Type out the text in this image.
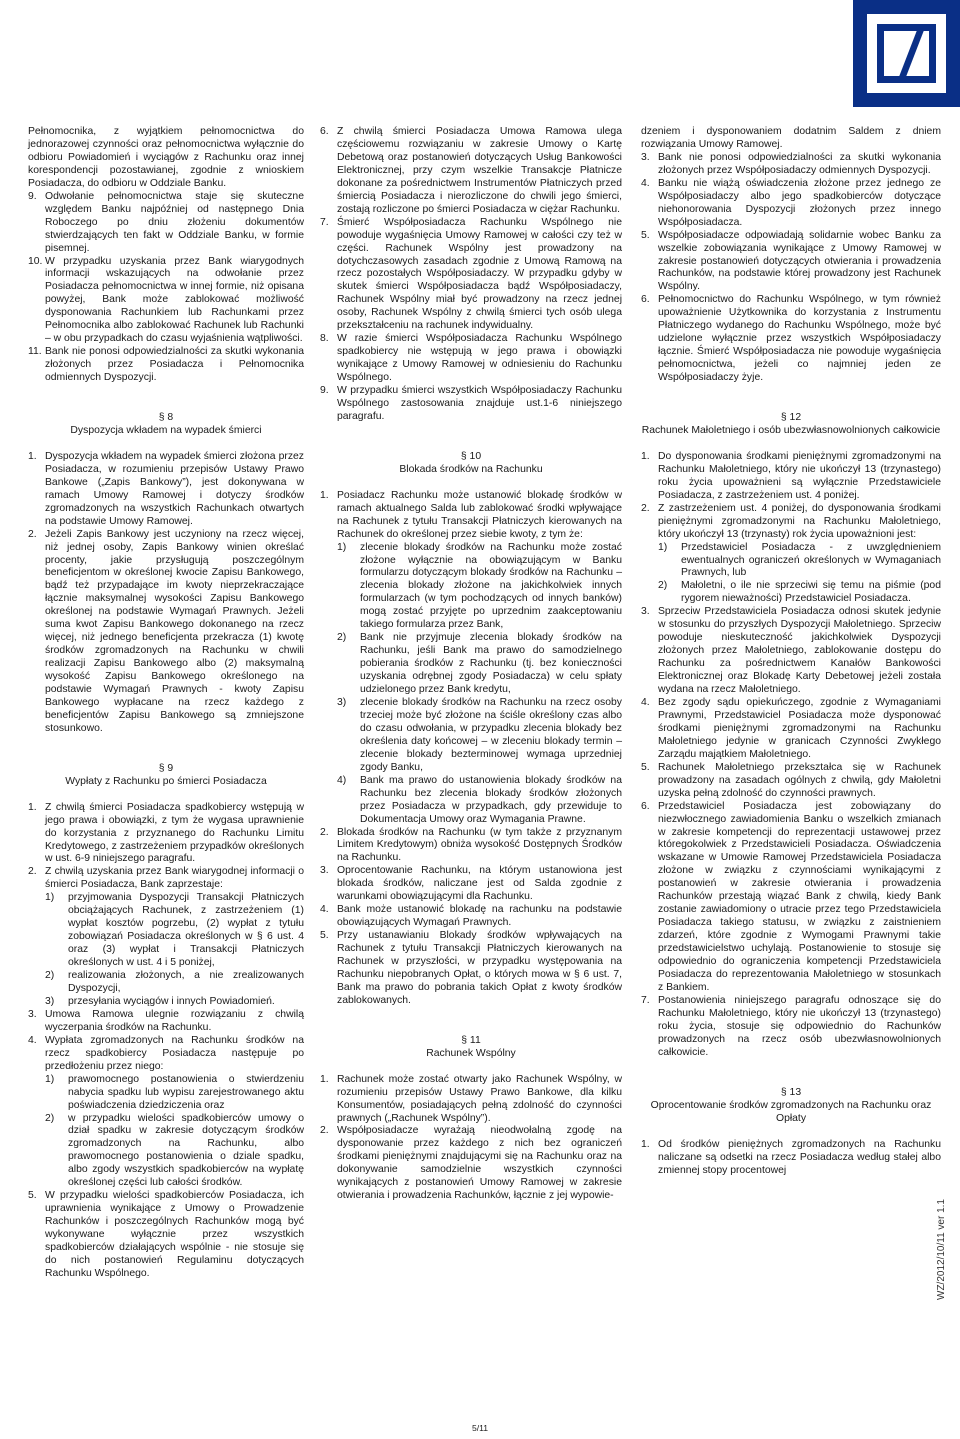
Pełnomocnika, z wyjątkiem pełnomocnictwa do jednorazowej czynności oraz pełnomocnictwa wyłącznie do odbioru Powiadomień i wyciągów z Rachunku oraz innej korespondencji pozostawianej, zgodnie z wnioskiem Posiadacza, do odbioru w Oddziale Banku.

9. Odwołanie pełnomocnictwa staje się skuteczne względem Banku najpóźniej od następnego Dnia Roboczego po dniu złożeniu dokumentów stwierdzających ten fakt w Oddziale Banku, w formie pisemnej.
10. W przypadku uzyskania przez Bank wiarygodnych informacji wskazujących na odwołanie przez Posiadacza pełnomocnictwa w innej formie, niż opisana powyżej, Bank może zablokować możliwość dysponowania Rachunkiem lub Rachunkami przez Pełnomocnika albo zablokować Rachunek lub Rachunki – w obu przypadkach do czasu wyjaśnienia wątpliwości.
11. Bank nie ponosi odpowiedzialności za skutki wykonania złożonych przez Posiadacza i Pełnomocnika odmiennych Dyspozycji.
§ 8
Dyspozycja wkładem na wypadek śmierci
1. Dyspozycja wkładem na wypadek śmierci złożona przez Posiadacza, w rozumieniu przepisów Ustawy Prawo Bankowe („Zapis Bankowy”), jest dokonywana w ramach Umowy Ramowej i dotyczy środków zgromadzonych na wszystkich Rachunkach otwartych na podstawie Umowy Ramowej.
2. Jeżeli Zapis Bankowy jest uczyniony na rzecz więcej, niż jednej osoby, Zapis Bankowy winien określać procenty, jakie przysługują poszczególnym beneficjentom w określonej kwocie Zapisu Bankowego, bądź też przypadające im kwoty nieprzekraczające łącznie maksymalnej wysokości Zapisu Bankowego określonej na podstawie Wymagań Prawnych. Jeżeli suma kwot Zapisu Bankowego dokonanego na rzecz więcej, niż jednego beneficjenta przekracza (1) kwotę środków zgromadzonych na Rachunku w chwili realizacji Zapisu Bankowego albo (2) maksymalną wysokość Zapisu Bankowego określonego na podstawie Wymagań Prawnych - kwoty Zapisu Bankowego wypłacane na rzecz każdego z beneficjentów Zapisu Bankowego są zmniejszone stosunkowo.
§ 9
Wypłaty z Rachunku po śmierci Posiadacza
1. Z chwilą śmierci Posiadacza spadkobiercy wstępują w jego prawa i obowiązki, z tym że wygasa uprawnienie do korzystania z przyznanego do Rachunku Limitu Kredytowego, z zastrzeżeniem przypadków określonych w ust. 6-9 niniejszego paragrafu.
2. Z chwilą uzyskania przez Bank wiarygodnej informacji o śmierci Posiadacza, Bank zaprzestaje:
1) przyjmowania Dyspozycji Transakcji Płatniczych obciążających Rachunek, z zastrzeżeniem (1) wypłat kosztów pogrzebu, (2) wypłat z tytułu zobowiązań Posiadacza określonych w § 6 ust. 4 oraz (3) wypłat i Transakcji Płatniczych określonych w ust. 4 i 5 poniżej,
2) realizowania złożonych, a nie zrealizowanych Dyspozycji,
3) przesyłania wyciągów i innych Powiadomień.
3. Umowa Ramowa ulegnie rozwiązaniu z chwilą wyczerpania środków na Rachunku.
4. Wypłata zgromadzonych na Rachunku środków na rzecz spadkobiercy Posiadacza następuje po przedłożeniu przez niego:
1) prawomocnego postanowienia o stwierdzeniu nabycia spadku lub wypisu zarejestrowanego aktu poświadczenia dziedziczenia oraz
2) w przypadku wielości spadkobierców umowy o dział spadku w zakresie dotyczącym środków zgromadzonych na Rachunku, albo prawomocnego postanowienia o dziale spadku, albo zgody wszystkich spadkobierców na wypłatę określonej części lub całości środków.
5. W przypadku wielości spadkobierców Posiadacza, ich uprawnienia wynikające z Umowy o Prowadzenie Rachunków i poszczególnych Rachunków mogą być wykonywane wyłącznie przez wszystkich spadkobierców działających wspólnie - nie stosuje się do nich postanowień Regulaminu dotyczących Rachunku Wspólnego.
6. Z chwilą śmierci Posiadacza Umowa Ramowa ulega częściowemu rozwiązaniu w zakresie Umowy o Kartę Debetową oraz postanowień dotyczących Usług Bankowości Elektronicznej, przy czym wszelkie Transakcje Płatnicze dokonane za pośrednictwem Instrumentów Płatniczych przed śmiercią Posiadacza i nierozliczone do chwili jego śmierci, zostają rozliczone po śmierci Posiadacza w ciężar Rachunku.
7. Śmierć Współposiadacza Rachunku Wspólnego nie powoduje wygaśnięcia Umowy Ramowej w całości czy też w części. Rachunek Wspólny jest prowadzony na dotychczasowych zasadach zgodnie z Umową Ramową na rzecz pozostałych Współposiadaczy. W przypadku gdyby w skutek śmierci Współposiadacza bądź Współposiadaczy, Rachunek Wspólny miał być prowadzony na rzecz jednej osoby, Rachunek Wspólny z chwilą śmierci tych osób ulega przekształceniu na rachunek indywidualny.
8. W razie śmierci Współposiadacza Rachunku Wspólnego spadkobiercy nie wstępują w jego prawa i obowiązki wynikające z Umowy Ramowej w odniesieniu do Rachunku Wspólnego.
9. W przypadku śmierci wszystkich Współposiadaczy Rachunku Wspólnego zastosowania znajduje ust.1-6 niniejszego paragrafu.
§ 10
Blokada środków na Rachunku
1. Posiadacz Rachunku może ustanowić blokadę środków w ramach aktualnego Salda lub zablokować środki wpływające na Rachunek z tytułu Transakcji Płatniczych kierowanych na Rachunek do określonej przez siebie kwoty, z tym że:
1) zlecenie blokady środków na Rachunku może zostać złożone wyłącznie na obowiązującym w Banku formularzu dotyczącym blokady środków na Rachunku – zlecenia blokady złożone na jakichkolwiek innych formularzach (w tym pochodzących od innych banków) mogą zostać przyjęte po uprzednim zaakceptowaniu takiego formularza przez Bank,
2) Bank nie przyjmuje zlecenia blokady środków na Rachunku, jeśli Bank ma prawo do samodzielnego pobierania środków z Rachunku (tj. bez konieczności uzyskania odrębnej zgody Posiadacza) w celu spłaty udzielonego przez Bank kredytu,
3) zlecenie blokady środków na Rachunku na rzecz osoby trzeciej może być złożone na ściśle określony czas albo do czasu odwołania, w przypadku zlecenia blokady bez określenia daty końcowej – w zleceniu blokady termin – zlecenie blokady bezterminowej wymaga uprzedniej zgody Banku,
4) Bank ma prawo do ustanowienia blokady środków na Rachunku bez zlecenia blokady środków złożonych przez Posiadacza w przypadkach, gdy przewiduje to Dokumentacja Umowy oraz Wymagania Prawne.
2. Blokada środków na Rachunku (w tym także z przyznanym Limitem Kredytowym) obniża wysokość Dostępnych Środków na Rachunku.
3. Oprocentowanie Rachunku, na którym ustanowiona jest blokada środków, naliczane jest od Salda zgodnie z warunkami obowiązującymi dla Rachunku.
4. Bank może ustanowić blokadę na rachunku na podstawie obowiązujących Wymagań Prawnych.
5. Przy ustanawianiu Blokady środków wpływających na Rachunek z tytułu Transakcji Płatniczych kierowanych na Rachunek w przyszłości, w przypadku występowania na Rachunku niepobranych Opłat, o których mowa w § 6 ust. 7, Bank ma prawo do pobrania takich Opłat z kwoty środków zablokowanych.
§ 11
Rachunek Wspólny
1. Rachunek może zostać otwarty jako Rachunek Wspólny, w rozumieniu przepisów Ustawy Prawo Bankowe, dla kilku Konsumentów, posiadających pełną zdolność do czynności prawnych („Rachunek Wspólny”).
2. Współposiadacze wyrażają nieodwołalną zgodę na dysponowanie przez każdego z nich bez ograniczeń środkami pieniężnymi znajdującymi się na Rachunku oraz na dokonywanie samodzielnie wszystkich czynności wynikających z postanowień Umowy Ramowej w zakresie otwierania i prowadzenia Rachunków, łącznie z jej wypowie-

dzeniem i dysponowaniem dodatnim Saldem z dniem rozwiązania Umowy Ramowej.

3. Bank nie ponosi odpowiedzialności za skutki wykonania złożonych przez Współposiadaczy odmiennych Dyspozycji.
4. Banku nie wiążą oświadczenia złożone przez jednego ze Współposiadaczy albo jego spadkobierców dotyczące niehonorowania Dyspozycji złożonych przez innego Współposiadacza.
5. Współposiadacze odpowiadają solidarnie wobec Banku za wszelkie zobowiązania wynikające z Umowy Ramowej w zakresie postanowień dotyczących otwierania i prowadzenia Rachunków, na podstawie której prowadzony jest Rachunek Wspólny.
6. Pełnomocnictwo do Rachunku Wspólnego, w tym również upoważnienie Użytkownika do korzystania z Instrumentu Płatniczego wydanego do Rachunku Wspólnego, może być udzielone wyłącznie przez wszystkich Współposiadaczy łącznie. Śmierć Współposiadacza nie powoduje wygaśnięcia pełnomocnictwa, jeżeli co najmniej jeden ze Współposiadaczy żyje.
§ 12
Rachunek Małoletniego i osób ubezwłasnowolnionych całkowicie
1. Do dysponowania środkami pieniężnymi zgromadzonymi na Rachunku Małoletniego, który nie ukończył 13 (trzynastego) roku życia upoważnieni są wyłącznie Przedstawiciele Posiadacza, z zastrzeżeniem ust. 4 poniżej.
2. Z zastrzeżeniem ust. 4 poniżej, do dysponowania środkami pieniężnymi zgromadzonymi na Rachunku Małoletniego, który ukończył 13 (trzynasty) rok życia upoważnioni jest:
1) Przedstawiciel Posiadacza - z uwzględnieniem ewentualnych ograniczeń określonych w Wymaganiach Prawnych, lub
2) Małoletni, o ile nie sprzeciwi się temu na piśmie (pod rygorem nieważności) Przedstawiciel Posiadacza.
3. Sprzeciw Przedstawiciela Posiadacza odnosi skutek jedynie w stosunku do przyszłych Dyspozycji Małoletniego. Sprzeciw powoduje nieskuteczność jakichkolwiek Dyspozycji złożonych przez Małoletniego, zablokowanie dostępu do Rachunku za pośrednictwem Kanałów Bankowości Elektronicznej oraz Blokadę Karty Debetowej jeżeli została wydana na rzecz Małoletniego.
4. Bez zgody sądu opiekuńczego, zgodnie z Wymaganiami Prawnymi, Przedstawiciel Posiadacza może dysponować środkami pieniężnymi zgromadzonymi na Rachunku Małoletniego jedynie w granicach Czynności Zwykłego Zarządu majątkiem Małoletniego.
5. Rachunek Małoletniego przekształca się w Rachunek prowadzony na zasadach ogólnych z chwilą, gdy Małoletni uzyska pełną zdolność do czynności prawnych.
6. Przedstawiciel Posiadacza jest zobowiązany do niezwłocznego zawiadomienia Banku o wszelkich zmianach w zakresie kompetencji do reprezentacji ustawowej przez któregokolwiek z Przedstawicieli Posiadacza. Oświadczenia wskazane w Umowie Ramowej Przedstawiciela Posiadacza złożone w związku z czynnościami wynikającymi z postanowień w zakresie otwierania i prowadzenia Rachunków przestają wiązać Bank z chwilą, kiedy Bank zostanie zawiadomiony o utracie przez tego Przedstawiciela Posiadacza takiego statusu, w związku z zaistnieniem zdarzeń, które zgodnie z Wymogami Prawnymi takie przedstawicielstwo uchylają. Postanowienie to stosuje się odpowiednio do ograniczenia kompetencji Przedstawiciela Posiadacza do reprezentowania Małoletniego w stosunkach z Bankiem.
7. Postanowienia niniejszego paragrafu odnoszące się do Rachunku Małoletniego, który nie ukończył 13 (trzynastego) roku życia, stosuje się odpowiednio do Rachunków prowadzonych na rzecz osób ubezwłasnowolnionych całkowicie.
§ 13
Oprocentowanie środków zgromadzonych na Rachunku oraz Opłaty
1. Od środków pieniężnych zgromadzonych na Rachunku naliczane są odsetki na rzecz Posiadacza według stałej albo zmiennej stopy procentowej
5/11
WZ/2012/10/11 ver 1.1
